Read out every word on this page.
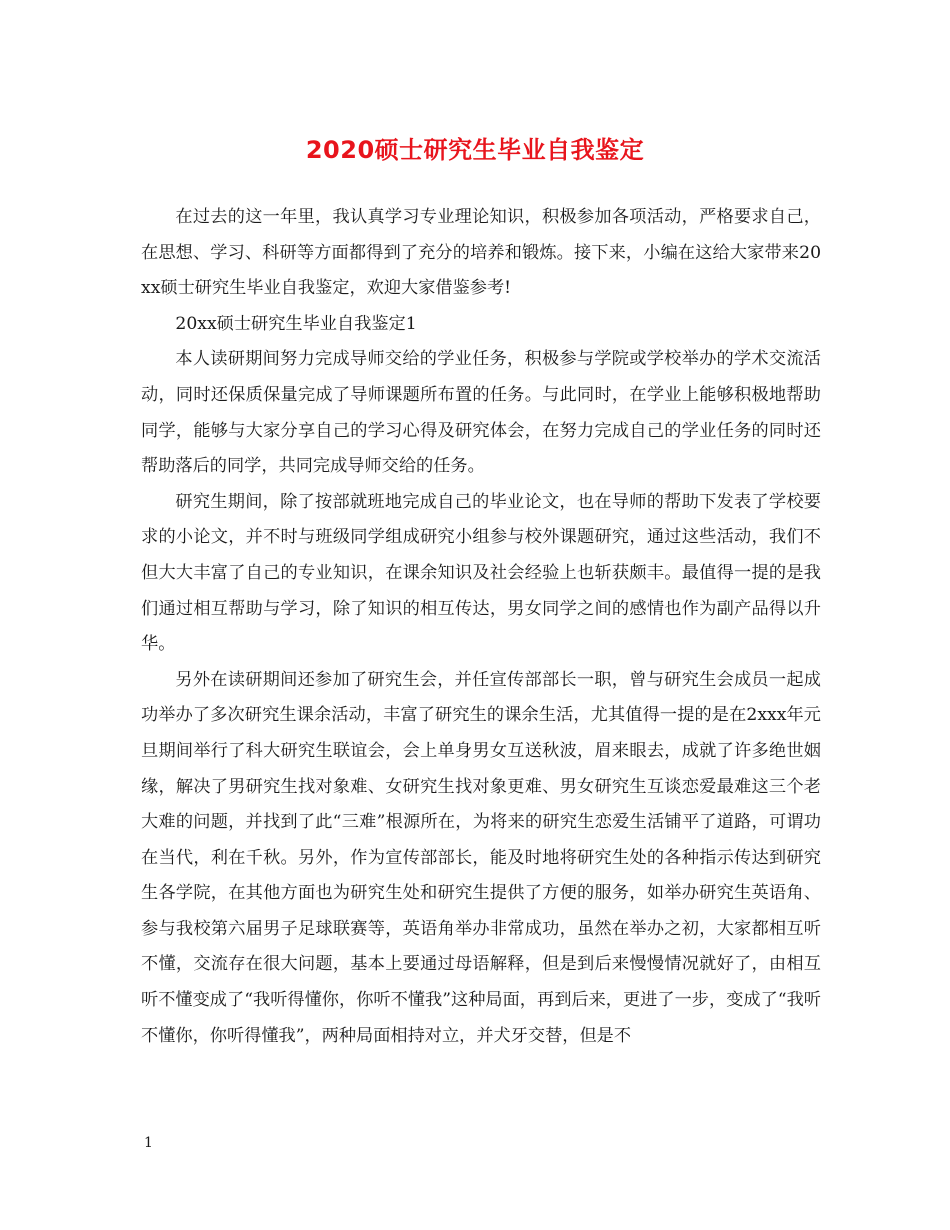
2020硕士研究生毕业自我鉴定

在过去的这一年里，我认真学习专业理论知识，积极参加各项活动，严格要求自己，在思想、学习、科研等方面都得到了充分的培养和锻炼。接下来，小编在这给大家带来20xx硕士研究生毕业自我鉴定，欢迎大家借鉴参考!

20xx硕士研究生毕业自我鉴定1

本人读研期间努力完成导师交给的学业任务，积极参与学院或学校举办的学术交流活动，同时还保质保量完成了导师课题所布置的任务。与此同时，在学业上能够积极地帮助同学，能够与大家分享自己的学习心得及研究体会，在努力完成自己的学业任务的同时还帮助落后的同学，共同完成导师交给的任务。

研究生期间，除了按部就班地完成自己的毕业论文，也在导师的帮助下发表了学校要求的小论文，并不时与班级同学组成研究小组参与校外课题研究，通过这些活动，我们不但大大丰富了自己的专业知识，在课余知识及社会经验上也斩获颇丰。最值得一提的是我们通过相互帮助与学习，除了知识的相互传达，男女同学之间的感情也作为副产品得以升华。

另外在读研期间还参加了研究生会，并任宣传部部长一职，曾与研究生会成员一起成功举办了多次研究生课余活动，丰富了研究生的课余生活，尤其值得一提的是在2xxx年元旦期间举行了科大研究生联谊会，会上单身男女互送秋波，眉来眼去，成就了许多绝世姻缘，解决了男研究生找对象难、女研究生找对象更难、男女研究生互谈恋爱最难这三个老大难的问题，并找到了此“三难”根源所在，为将来的研究生恋爱生活铺平了道路，可谓功在当代，利在千秋。另外，作为宣传部部长，能及时地将研究生处的各种指示传达到研究生各学院，在其他方面也为研究生处和研究生提供了方便的服务，如举办研究生英语角、参与我校第六届男子足球联赛等，英语角举办非常成功，虽然在举办之初，大家都相互听不懂，交流存在很大问题，基本上要通过母语解释，但是到后来慢慢情况就好了，由相互听不懂变成了“我听得懂你，你听不懂我”这种局面，再到后来，更进了一步，变成了“我听不懂你，你听得懂我”，两种局面相持对立，并犬牙交替，但是不

1
